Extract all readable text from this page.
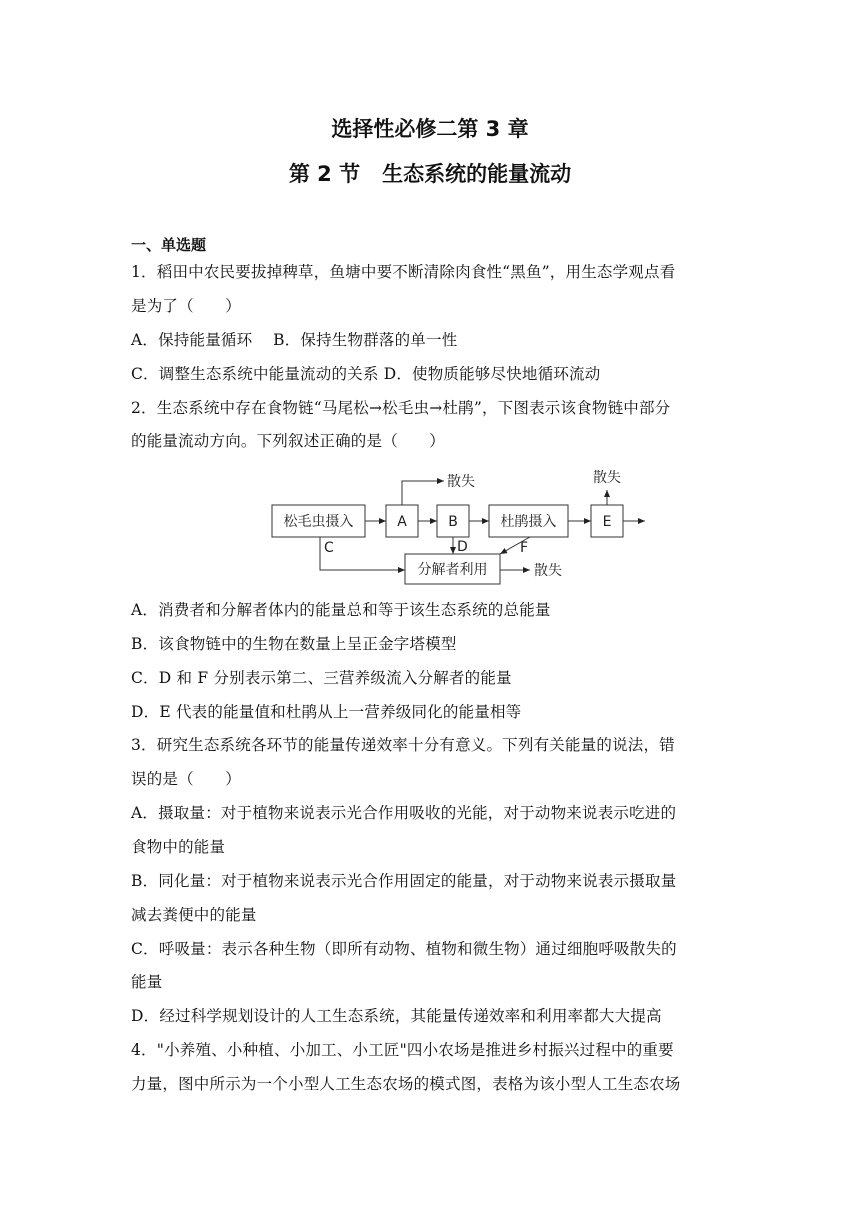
选择性必修二第 3 章
第 2 节 生态系统的能量流动
一、单选题
1．稻田中农民要拔掉稗草，鱼塘中要不断清除肉食性“黑鱼”，用生态学观点看
是为了（　　）
A．保持能量循环　 B．保持生物群落的单一性
C．调整生态系统中能量流动的关系 D．使物质能够尽快地循环流动
2．生态系统中存在食物链“马尾松→松毛虫→杜鹃”，下图表示该食物链中部分
的能量流动方向。下列叙述正确的是（　　）
松毛虫摄入	A	B	杜鹃摄入	E
分解者利用
散失	散失
散失
C	D	F
A．消费者和分解者体内的能量总和等于该生态系统的总能量
B．该食物链中的生物在数量上呈正金字塔模型
C．D 和 F 分别表示第二、三营养级流入分解者的能量
D．E 代表的能量值和杜鹃从上一营养级同化的能量相等
3．研究生态系统各环节的能量传递效率十分有意义。下列有关能量的说法，错
误的是（　　）
A．摄取量：对于植物来说表示光合作用吸收的光能，对于动物来说表示吃进的
食物中的能量
B．同化量：对于植物来说表示光合作用固定的能量，对于动物来说表示摄取量
减去粪便中的能量
C．呼吸量：表示各种生物（即所有动物、植物和微生物）通过细胞呼吸散失的
能量
D．经过科学规划设计的人工生态系统，其能量传递效率和利用率都大大提高
4．"小养殖、小种植、小加工、小工匠"四小农场是推进乡村振兴过程中的重要
力量，图中所示为一个小型人工生态农场的模式图，表格为该小型人工生态农场
